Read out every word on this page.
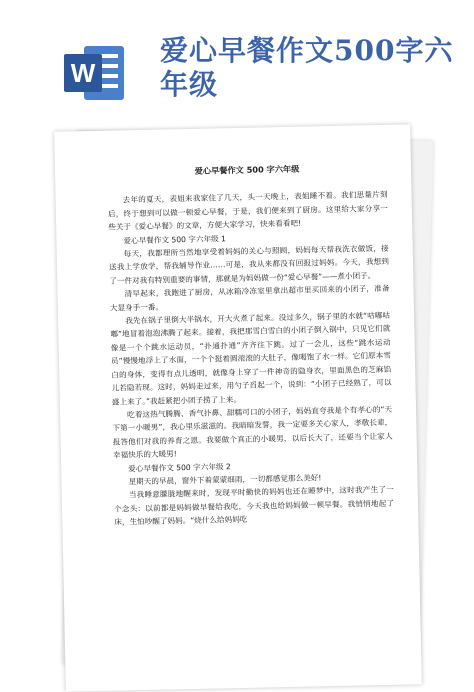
W
爱心早餐作文500字六年级
爱心早餐作文 500 字六年级

去年的夏天，表姐来我家住了几天，头一天晚上，表姐睡不着。我们思量片刻后，终于想到可以做一顿爱心早餐，于是，我们便来到了厨房。这里给大家分享一些关于《爱心早餐》的文章，方便大家学习，快来看看吧!

爱心早餐作文 500 字六年级 1

每天，我都理所当然地享受着妈妈的关心与照顾，妈妈每天帮我洗衣做饭，接送我上学放学，帮我辅导作业……可是，我从来都没有回报过妈妈。今天，我想到了一件对我有特别重要的事情，那就是为妈妈做一份“爱心早餐”——煮小团子。

清早起来，我跑进了厨房，从冰箱冷冻室里拿出超市里买回来的小团子，准备大显身手一番。

我先在锅子里倒大半锅水，开大火煮了起来。没过多久，锅子里的水就“咕嘟咕嘟”地冒着泡泡沸腾了起来。接着，我把那雪白雪白的小团子倒入锅中，只见它们就像是一个个跳水运动员，“扑通扑通”齐齐往下跳。过了一会儿，这些“跳水运动员”慢慢地浮上了水面，一个个挺着圆滚滚的大肚子，像喝饱了水一样。它们原本雪白的身体，变得有点儿透明，就像身上穿了一件神奇的隐身衣，里面黑色的芝麻馅儿若隐若现。这时，妈妈走过来，用勺子舀起一个，说到：“小团子已经熟了，可以盛上来了。”我赶紧把小团子捞了上来。

吃着这热气腾腾、香气扑鼻、甜糯可口的小团子，妈妈直夸我是个有孝心的“天下第一小暖男”，我心里乐滋滋的。我暗暗发誓，我一定要多关心家人，孝敬长辈，报答他们对我的养育之恩。我要做个真正的小暖男，以后长大了，还要当个让家人幸福快乐的大暖男!

爱心早餐作文 500 字六年级 2

星期天的早晨，窗外下着蒙蒙细雨，一切都感觉那么美好!

当我睡意朦胧地醒来时，发现平时勤快的妈妈也还在睡梦中，这时我产生了一个念头：以前都是妈妈做早餐给我吃，今天我也给妈妈做一顿早餐。我悄悄地起了床，生怕吵醒了妈妈。“烧什么给妈妈吃
